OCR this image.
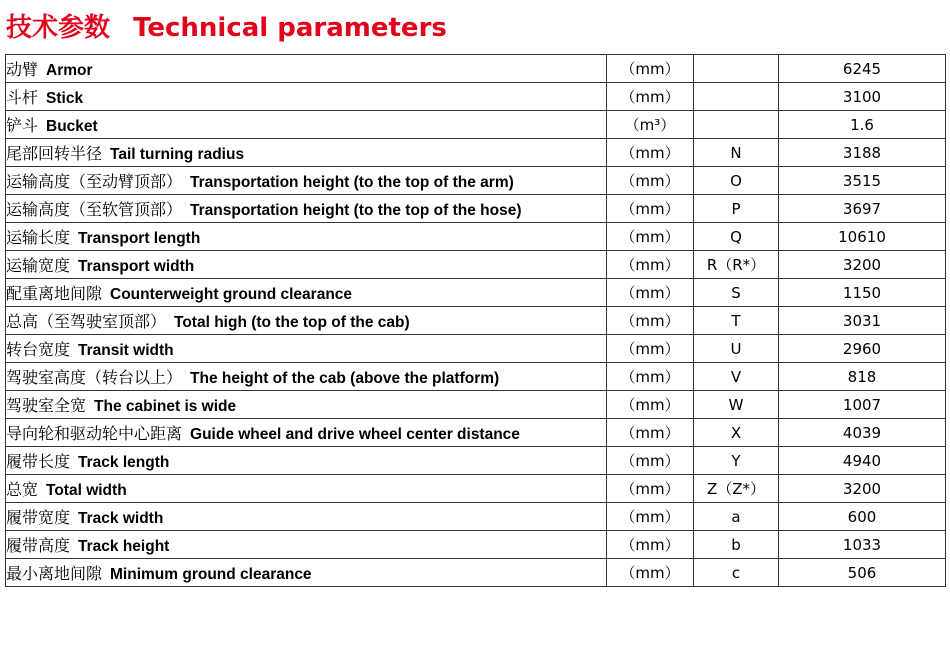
技术参数 Technical parameters
动臂 Armor	（mm）		6245
斗杆 Stick	（mm）		3100
铲斗 Bucket	（m³）		1.6
尾部回转半径 Tail turning radius	（mm）	N	3188
运输高度（至动臂顶部） Transportation height (to the top of the arm)	（mm）	O	3515
运输高度（至软管顶部） Transportation height (to the top of the hose)	（mm）	P	3697
运输长度 Transport length	（mm）	Q	10610
运输宽度 Transport width	（mm）	R（R*）	3200
配重离地间隙 Counterweight ground clearance	（mm）	S	1150
总高（至驾驶室顶部） Total high (to the top of the cab)	（mm）	T	3031
转台宽度 Transit width	（mm）	U	2960
驾驶室高度（转台以上） The height of the cab (above the platform)	（mm）	V	818
驾驶室全宽 The cabinet is wide	（mm）	W	1007
导向轮和驱动轮中心距离 Guide wheel and drive wheel center distance	（mm）	X	4039
履带长度 Track length	（mm）	Y	4940
总宽 Total width	（mm）	Z（Z*）	3200
履带宽度 Track width	（mm）	a	600
履带高度 Track height	（mm）	b	1033
最小离地间隙 Minimum ground clearance	（mm）	c	506
